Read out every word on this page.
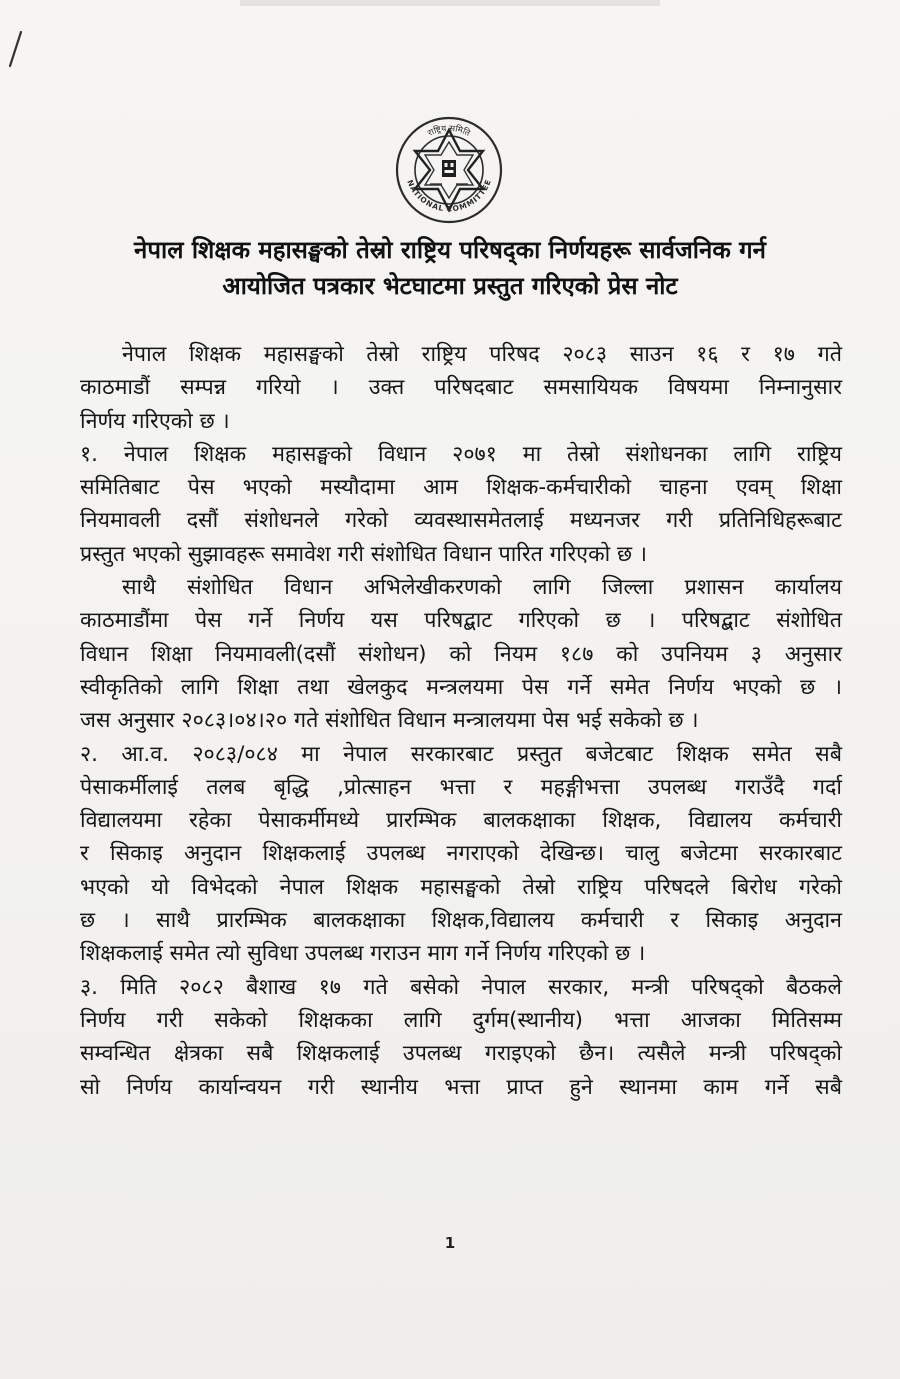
राष्ट्रिय समिति
NATIONAL COMMITTEE
नेपाल शिक्षक महासङ्घको तेस्रो राष्ट्रिय परिषद्का निर्णयहरू सार्वजनिक गर्न
आयोजित पत्रकार भेटघाटमा प्रस्तुत गरिएको प्रेस नोट

नेपाल शिक्षक महासङ्घको तेस्रो राष्ट्रिय परिषद २०८३ साउन १६ र १७ गते
काठमाडौं सम्पन्न गरियो । उक्त परिषदबाट समसायियक विषयमा निम्नानुसार
निर्णय गरिएको छ ।

१. नेपाल शिक्षक महासङ्घको विधान २०७१ मा तेस्रो संशोधनका लागि राष्ट्रिय
समितिबाट पेस भएको मस्यौदामा आम शिक्षक-कर्मचारीको चाहना एवम् शिक्षा
नियमावली दसौं संशोधनले गरेको व्यवस्थासमेतलाई मध्यनजर गरी प्रतिनिधिहरूबाट
प्रस्तुत भएको सुझावहरू समावेश गरी संशोधित विधान पारित गरिएको छ ।

साथै संशोधित विधान अभिलेखीकरणको लागि जिल्ला प्रशासन कार्यालय
काठमाडौंमा पेस गर्ने निर्णय यस परिषद्बाट गरिएको छ । परिषद्बाट संशोधित
विधान शिक्षा नियमावली(दसौं संशोधन) को नियम १८७ को उपनियम ३ अनुसार
स्वीकृतिको लागि शिक्षा तथा खेलकुद मन्त्रलयमा पेस गर्ने समेत निर्णय भएको छ ।
जस अनुसार २०८३।०४।२० गते संशोधित विधान मन्त्रालयमा पेस भई सकेको छ ।

२. आ.व. २०८३/०८४ मा नेपाल सरकारबाट प्रस्तुत बजेटबाट शिक्षक समेत सबै
पेसाकर्मीलाई तलब बृद्धि ,प्रोत्साहन भत्ता र महङ्गीभत्ता उपलब्ध गराउँदै गर्दा
विद्यालयमा रहेका पेसाकर्मीमध्ये प्रारम्भिक बालकक्षाका शिक्षक, विद्यालय कर्मचारी
र सिकाइ अनुदान शिक्षकलाई उपलब्ध नगराएको देखिन्छ। चालु बजेटमा सरकारबाट
भएको यो विभेदको नेपाल शिक्षक महासङ्घको तेस्रो राष्ट्रिय परिषदले बिरोध गरेको
छ । साथै प्रारम्भिक बालकक्षाका शिक्षक,विद्यालय कर्मचारी र सिकाइ अनुदान
शिक्षकलाई समेत त्यो सुविधा उपलब्ध गराउन माग गर्ने निर्णय गरिएको छ ।

३. मिति २०८२ बैशाख १७ गते बसेको नेपाल सरकार, मन्त्री परिषद्को बैठकले
निर्णय गरी सकेको शिक्षकका लागि दुर्गम(स्थानीय) भत्ता आजका मितिसम्म
सम्वन्धित क्षेत्रका सबै शिक्षकलाई उपलब्ध गराइएको छैन। त्यसैले मन्त्री परिषद्को
सो निर्णय कार्यान्वयन गरी स्थानीय भत्ता प्राप्त हुने स्थानमा काम गर्ने सबै

1
